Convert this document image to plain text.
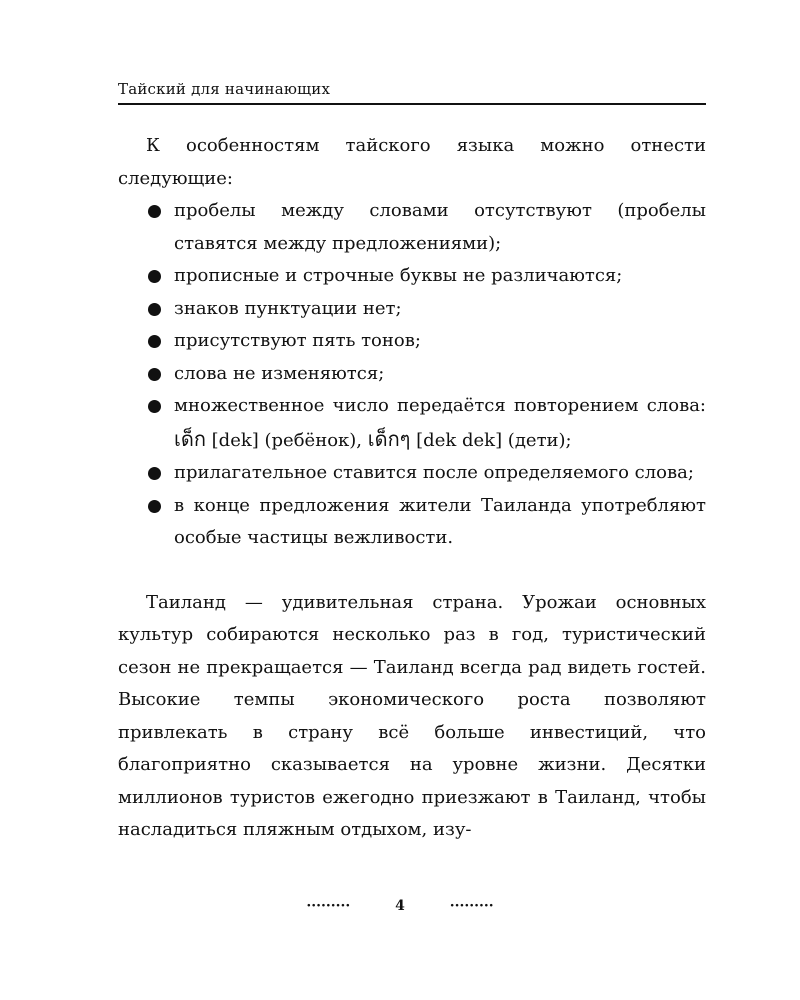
Тайский для начинающих

К особенностям тайского языка можно отнести следующие:

пробелы между словами отсутствуют (пробелы ставятся между предложениями);
прописные и строчные буквы не различаются;
знаков пунктуации нет;
присутствуют пять тонов;
слова не изменяются;
множественное число передаётся повторением слова: เด็ก [dek] (ребёнок), เด็กๆ [dek dek] (дети);
прилагательное ставится после определяемого слова;
в конце предложения жители Таиланда употребляют особые частицы вежливости.

Таиланд — удивительная страна. Урожаи основных культур собираются несколько раз в год, туристический сезон не прекращается — Таиланд всегда рад видеть гостей. Высокие темпы экономического роста позволяют привлекать в страну всё больше инвестиций, что благоприятно сказывается на уровне жизни. Десятки миллионов туристов ежегодно приезжают в Таиланд, чтобы насладиться пляжным отдыхом, изу-

·········	4	·········
